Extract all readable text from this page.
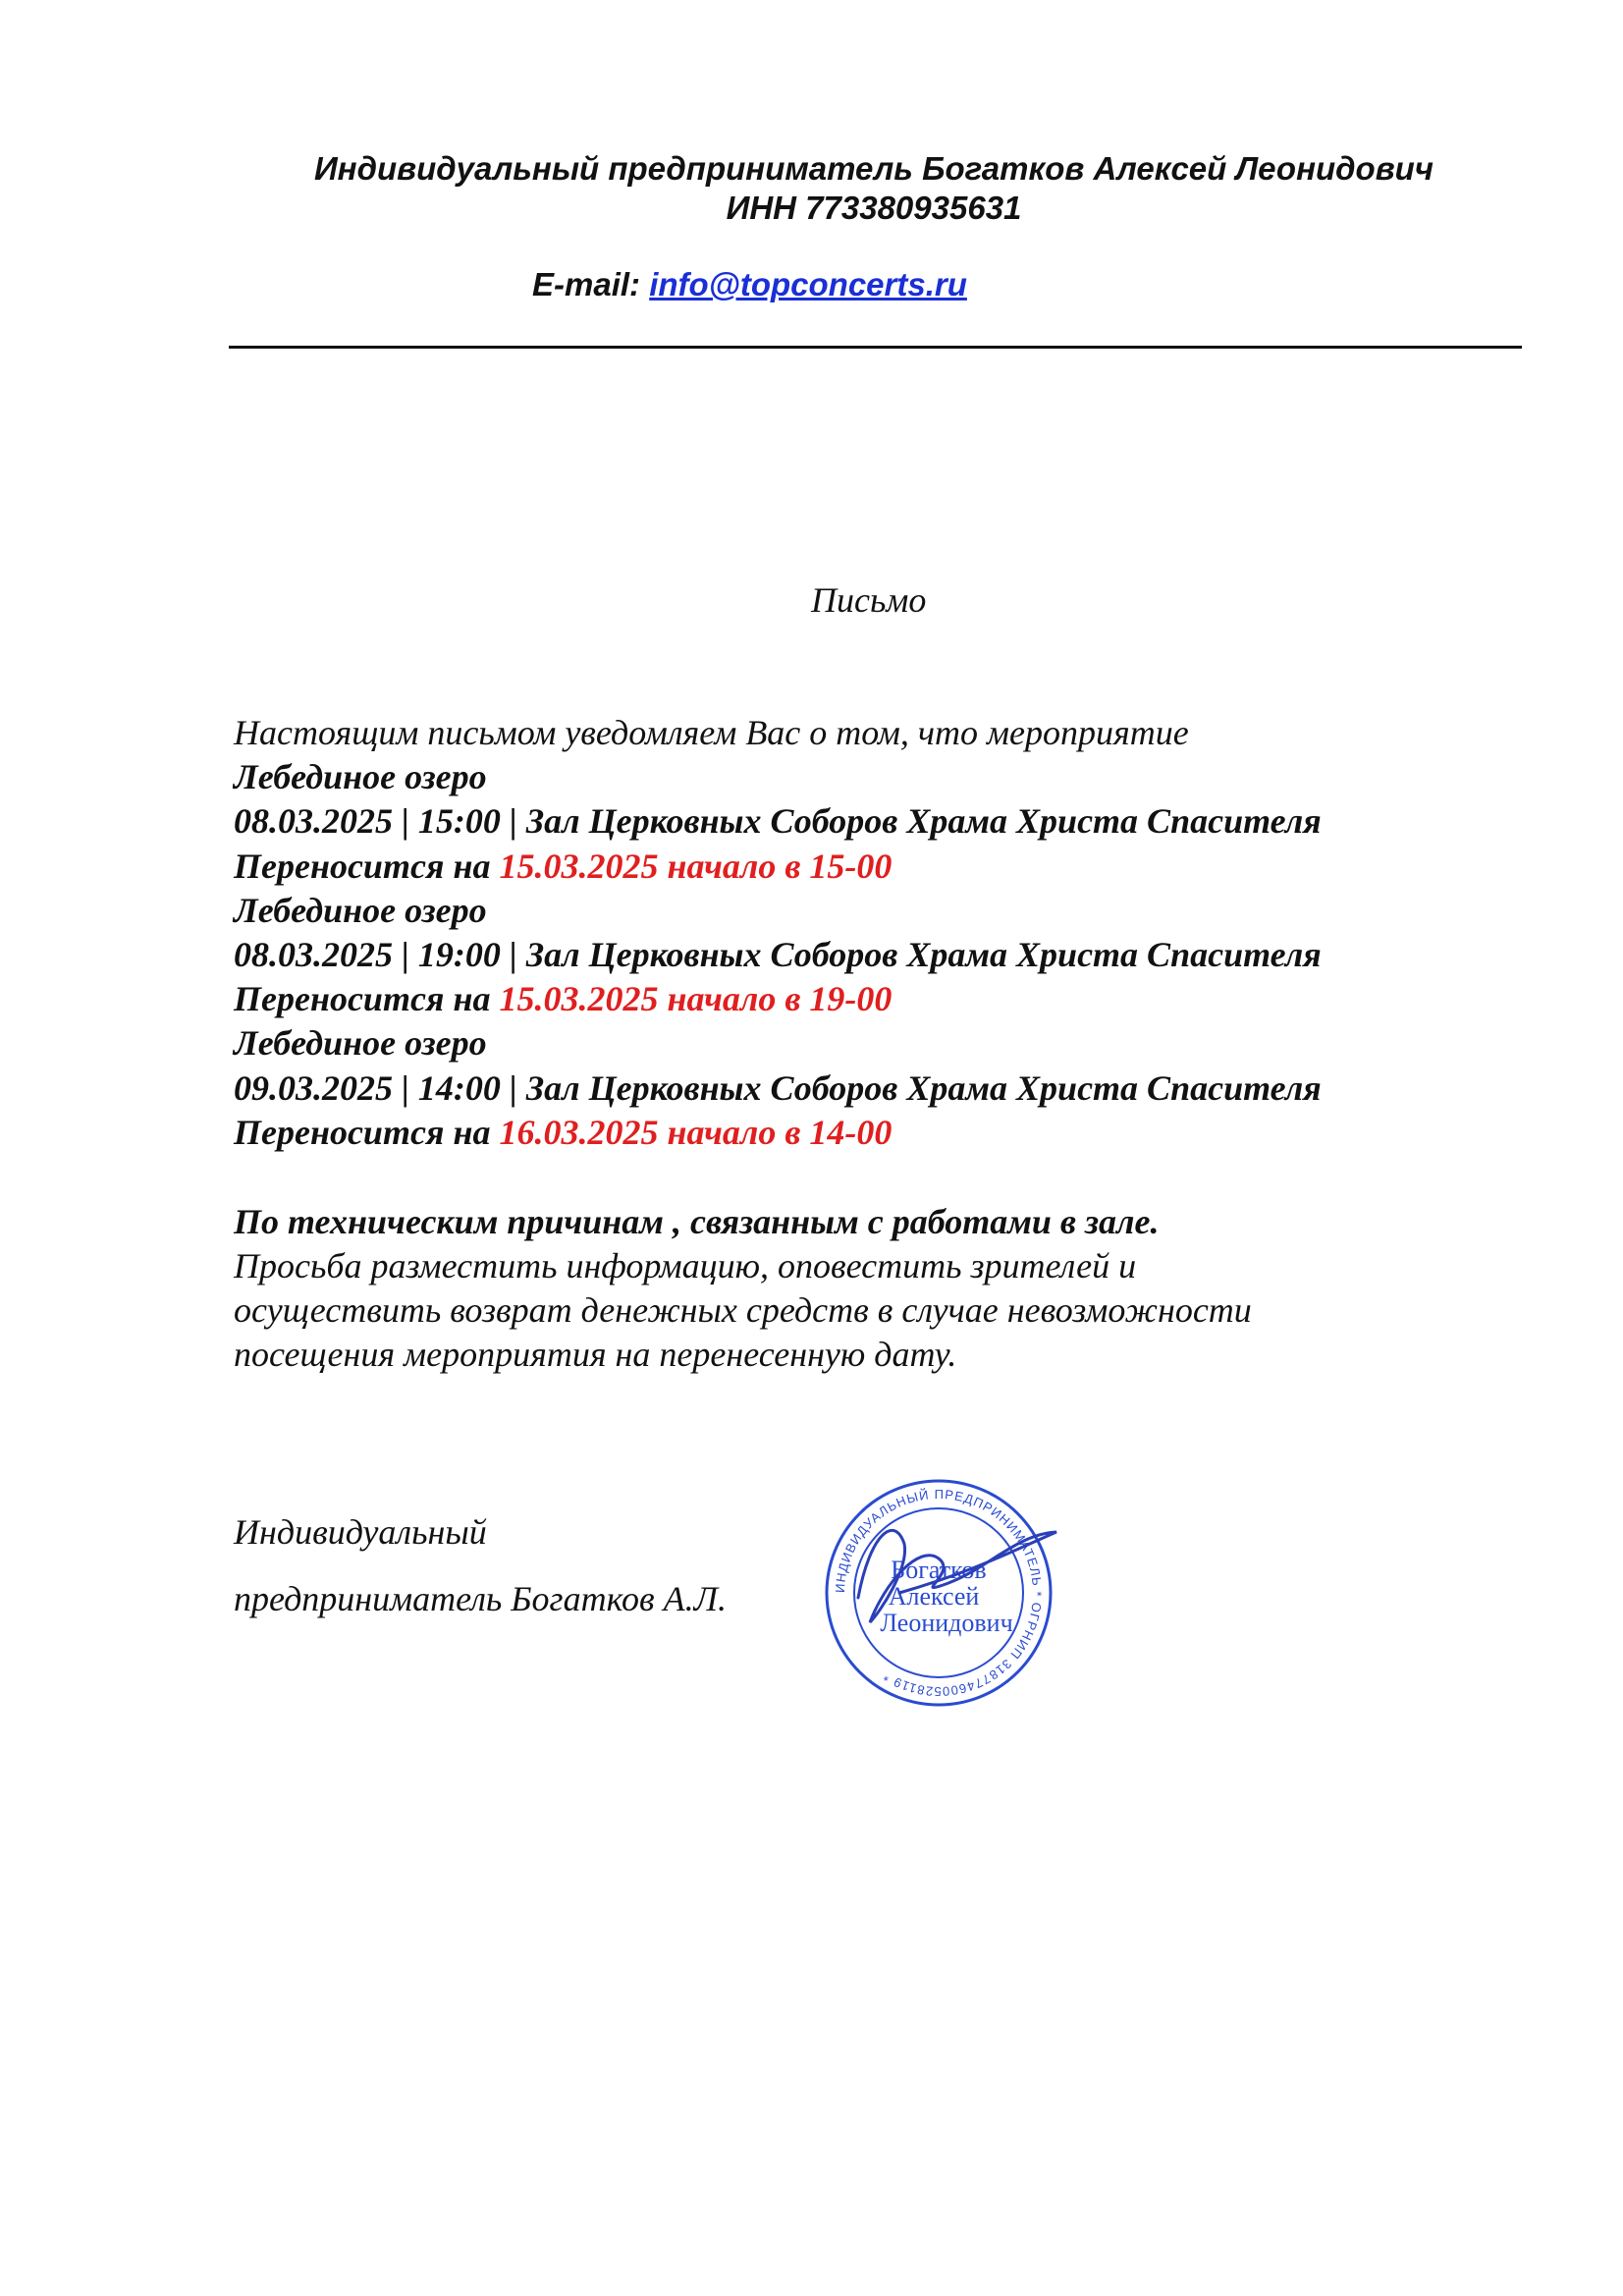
Индивидуальный предприниматель Богатков Алексей Леонидович
ИНН 773380935631
E-mail: info@topconcerts.ru
Письмо
Настоящим письмом уведомляем Вас о том, что мероприятие
Лебединое озеро
08.03.2025 | 15:00 | Зал Церковных Соборов Храма Христа Спасителя
Переносится на 15.03.2025 начало в 15-00
Лебединое озеро
08.03.2025 | 19:00 | Зал Церковных Соборов Храма Христа Спасителя
Переносится на 15.03.2025 начало в 19-00
Лебединое озеро
09.03.2025 | 14:00 | Зал Церковных Соборов Храма Христа Спасителя
Переносится на 16.03.2025 начало в 14-00
По техническим причинам , связанным с работами в зале.
Просьба разместить информацию, оповестить зрителей и
осуществить возврат денежных средств в случае невозможности
посещения мероприятия на перенесенную дату.
Индивидуальный
предприниматель Богатков А.Л.	ИНДИВИДУАЛЬНЫЙ ПРЕДПРИНИМАТЕЛЬ * ОГРНИП 318774600528119 *
Богатков
Алексей
Леонидович
